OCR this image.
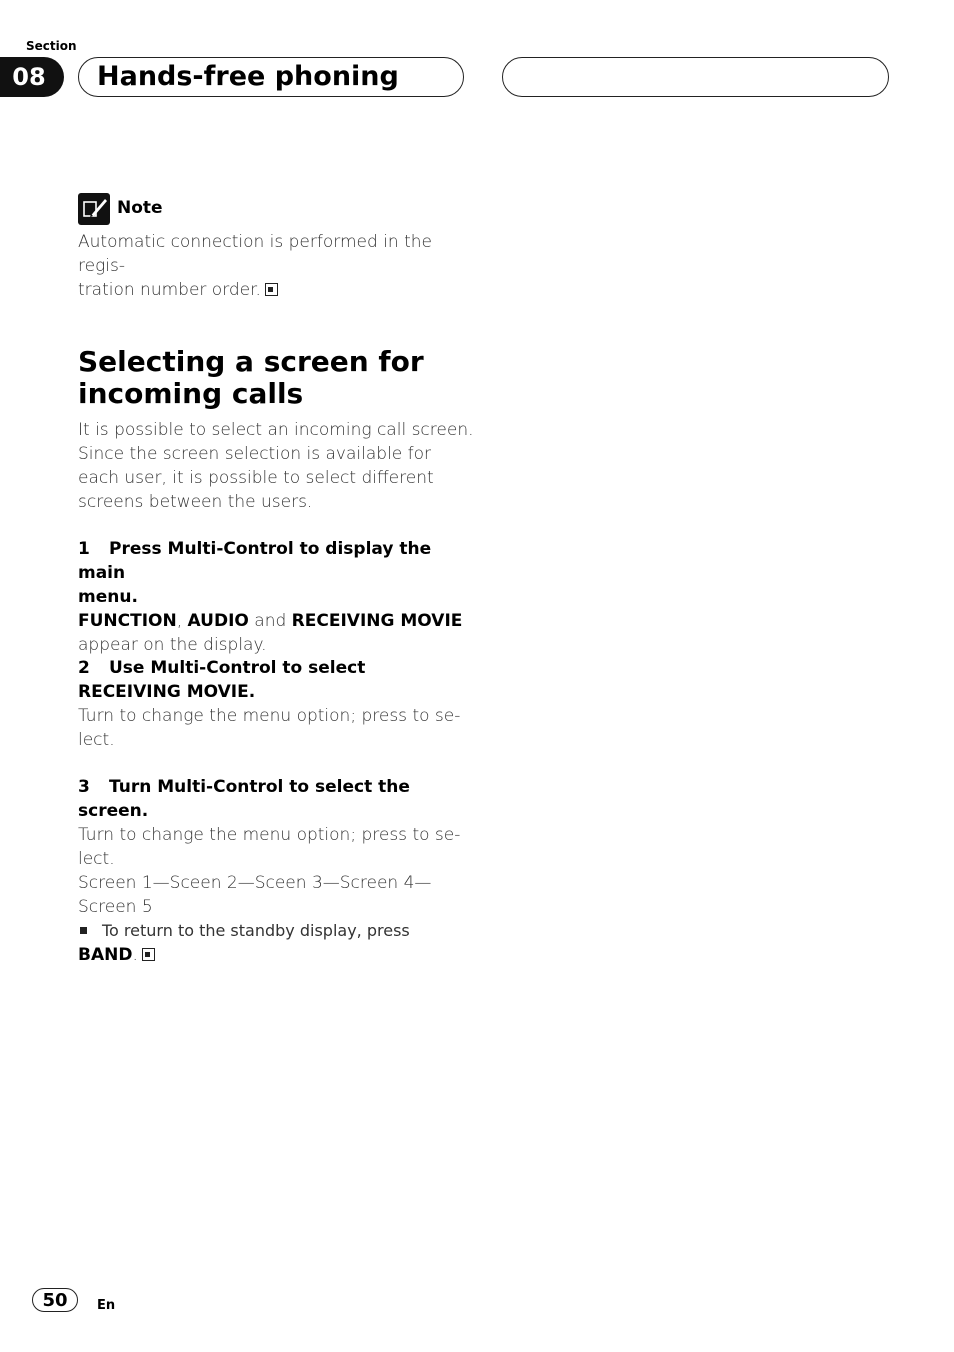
Section
08	Hands-free phoning
Note
Automatic connection is performed in the regis-
tration number order.
Selecting a screen for
incoming calls
It is possible to select an incoming call screen.
Since the screen selection is available for
each user, it is possible to select different
screens between the users.
1 Press Multi-Control to display the main
menu.
FUNCTION, AUDIO and RECEIVING MOVIE
appear on the display.
2 Use Multi-Control to select
RECEIVING MOVIE.
Turn to change the menu option; press to se-
lect.
3 Turn Multi-Control to select the screen.
Turn to change the menu option; press to se-
lect.
Screen 1—Sceen 2—Sceen 3—Screen 4—
Screen 5
To return to the standby display, press
BAND.
50	En
